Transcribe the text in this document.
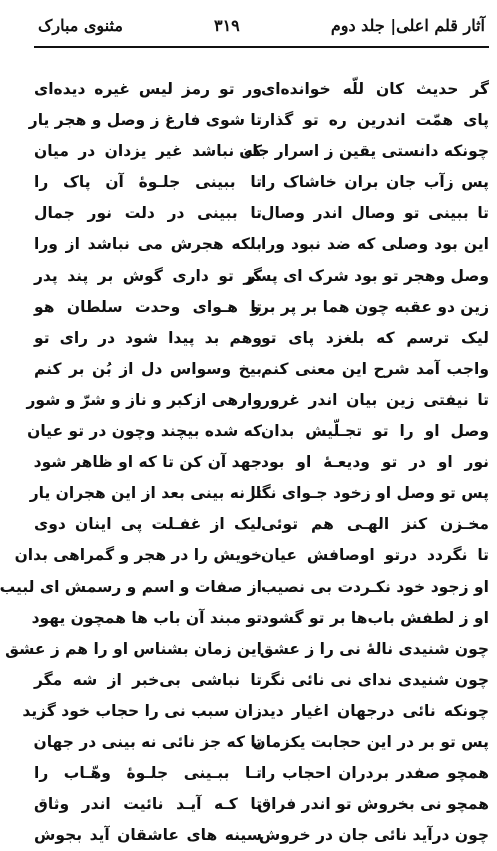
آثار قلم اعلی| جلد دوم
۳۱۹
مثنوی مبارک
گر حدیث کان للّه خوانده‌ای
پای همّت اندرین ره تو گذار
چونکه دانستی یقین ز اسرار جان
پس زآب جان بران خاشاک را
تا ببینی تو وصال اندر وصال
این بود وصلی که ضد نبود ورا
وصل وهجر تو بود شرک ای پسر
زین دو عقبه چون هما بر پر برو
لیک ترسم که بلغزد پای تو
واجب آمد شرح این معنی کنم
تا نیفتی زین بیان اندر غرور
وصل او را تو تجـلّیش بدان
نور او در تو ودیعـهٔ او بود
پس تو وصل او زخود جـوای نگار
مخـزن کنز الهـی هم توئی
تا نگردد درتو اوصافش عیان
او زجود خود نکـردت بی نصیب
او ز لطفش باب‌ها بر تو گشود
چون شنیدی نالهٔ نی را ز عشق
چون شنیدی ندای نی نائی نگر
چونکه نائی درجهان اغیار دید
پس تو بر در این حجابت یکزمان
همچو صفدر بردران احجاب را
همچو نی بخروش تو اندر فراق
چون درآید نائی جان در خروش
ور تو رمز لیس غیره دیده‌ای
تا شوی فارغ ز وصل و هجر یار
که نباشد غیر یزدان در میان
تا ببینی جلـوهٔ آن پاک را
تا ببینی در دلت نور جمال
بلکه هجرش می نباشد از ورا
گر تو داری گوش بر پند پدر
تا هـوای وحدت سلطان هو
وهم بد پیدا شود در رای تو
بیخ وسواس دل از بُن بر کنم
وارهی ازکبر و ناز و شرّ و شور
که شده بیچند وچون در تو عیان
جهد آن کن تا که او ظاهر شود
تا نه بینی بعد از این هجران یار
لیک از غفـلت پی اینان دوی
خویش را در هجر و گمراهی بدان
از صفات و اسم و رسمش ای لبیب
تو مبند آن باب ها همچون یهود
این زمان بشناس او را هم ز عشق
تا نباشی بی‌خبر از شه مگر
زان سبب نی را حجاب خود گزید
تا که جز نائی نه بینی در جهان
تـا ببـینی جلـوهٔ وهّـاب را
تا کـه آیـد نائیت اندر وثاق
سینه های عاشقان آید بجوش
